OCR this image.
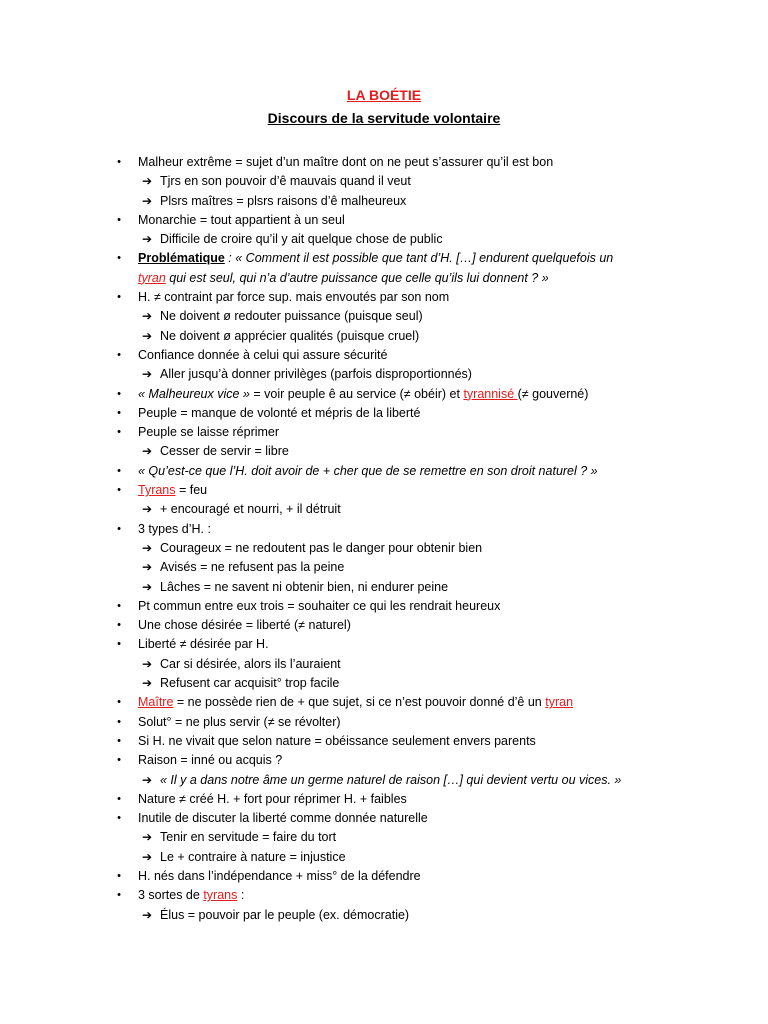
LA BOÉTIE
Discours de la servitude volontaire
• Malheur extrême = sujet d’un maître dont on ne peut s’assurer qu’il est bon
➔ Tjrs en son pouvoir d’ê mauvais quand il veut
➔ Plsrs maîtres = plsrs raisons d’ê malheureux
• Monarchie = tout appartient à un seul
➔ Difficile de croire qu’il y ait quelque chose de public
• Problématique : « Comment il est possible que tant d’H. […] endurent quelquefois un
tyran qui est seul, qui n’a d’autre puissance que celle qu’ils lui donnent ? »
• H. ≠ contraint par force sup. mais envoutés par son nom
➔ Ne doivent ø redouter puissance (puisque seul)
➔ Ne doivent ø apprécier qualités (puisque cruel)
• Confiance donnée à celui qui assure sécurité
➔ Aller jusqu’à donner privilèges (parfois disproportionnés)
• « Malheureux vice » = voir peuple ê au service (≠ obéir) et tyrannisé (≠ gouverné)
• Peuple = manque de volonté et mépris de la liberté
• Peuple se laisse réprimer
➔ Cesser de servir = libre
• « Qu’est-ce que l’H. doit avoir de + cher que de se remettre en son droit naturel ? »
• Tyrans = feu
➔ + encouragé et nourri, + il détruit
• 3 types d’H. :
➔ Courageux = ne redoutent pas le danger pour obtenir bien
➔ Avisés = ne refusent pas la peine
➔ Lâches = ne savent ni obtenir bien, ni endurer peine
• Pt commun entre eux trois = souhaiter ce qui les rendrait heureux
• Une chose désirée = liberté (≠ naturel)
• Liberté ≠ désirée par H.
➔ Car si désirée, alors ils l’auraient
➔ Refusent car acquisit° trop facile
• Maître = ne possède rien de + que sujet, si ce n’est pouvoir donné d’ê un tyran
• Solut° = ne plus servir (≠ se révolter)
• Si H. ne vivait que selon nature = obéissance seulement envers parents
• Raison = inné ou acquis ?
➔ « Il y a dans notre âme un germe naturel de raison […] qui devient vertu ou vices. »
• Nature ≠ créé H. + fort pour réprimer H. + faibles
• Inutile de discuter la liberté comme donnée naturelle
➔ Tenir en servitude = faire du tort
➔ Le + contraire à nature = injustice
• H. nés dans l’indépendance + miss° de la défendre
• 3 sortes de tyrans :
➔ Élus = pouvoir par le peuple (ex. démocratie)
